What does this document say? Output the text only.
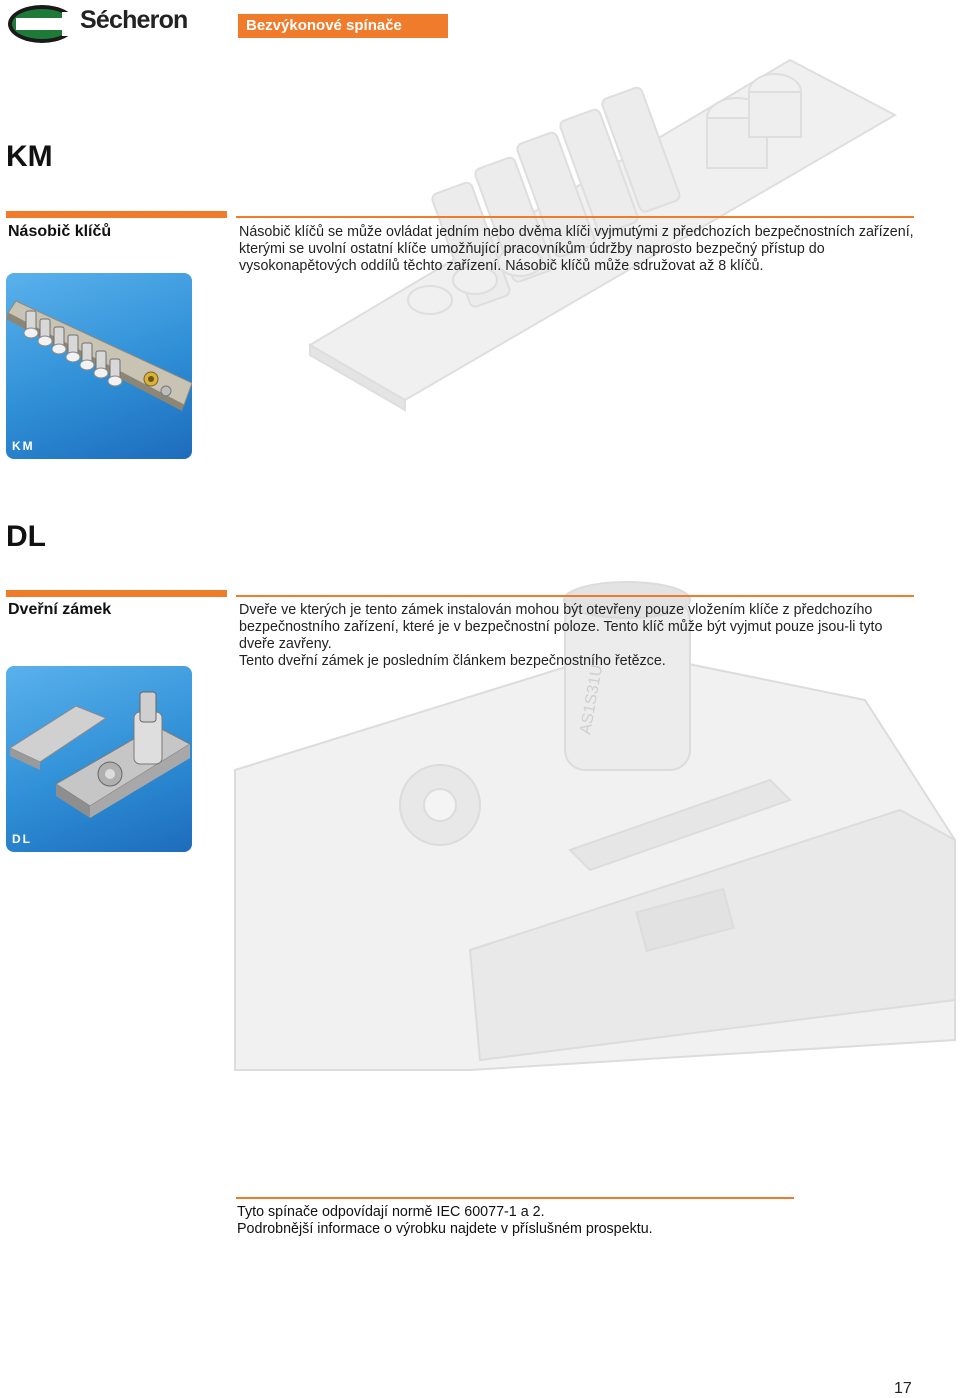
AS1S31U
Sécheron	Bezvýkonové spínače
KM
Násobič klíčů	Násobič klíčů se může ovládat jedním nebo dvěma klíči vyjmutými z předchozích bezpečnostních zařízení, kterými se uvolní ostatní klíče umožňující pracovníkům údržby naprosto bezpečný přístup do vysokonapětových oddílů těchto zařízení. Násobič klíčů může sdružovat až 8 klíčů.

KM
DL
Dveřní zámek	Dveře ve kterých je tento zámek instalován mohou být otevřeny pouze vložením klíče z předchozího bezpečnostního zařízení, které je v bezpečnostní poloze. Tento klíč může být vyjmut pouze jsou-li tyto dveře zavřeny.

Tento dveřní zámek je posledním článkem bezpečnostního řetězce.

DL
Tyto spínače odpovídají normě IEC 60077-1 a 2.
Podrobnější informace o výrobku najdete v příslušném prospektu.
17
